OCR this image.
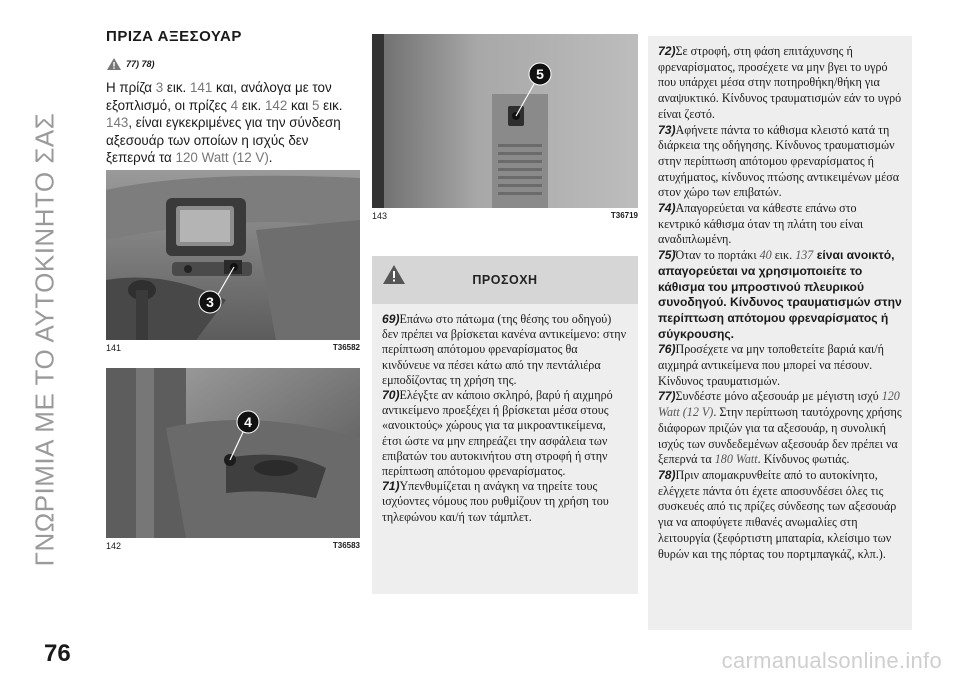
ΓΝΩΡΙΜΙΑ ΜΕ ΤΟ ΑΥΤΟΚΙΝΗΤΟ ΣΑΣ
76	carmanualsonline.info
ΠΡΙΖΑ ΑΞΕΣΟΥΑΡ
77) 78)

Η πρίζα 3 εικ. 141 και, ανάλογα με τον εξοπλισμό, οι πρίζες 4 εικ. 142 και 5 εικ. 143, είναι εγκεκριμένες για την σύνδεση αξεσουάρ των οποίων η ισχύς δεν ξεπερνά τα 120 Watt (12 V).

3
141	T36582
4
142	T36583
5
143	T36719
ΠΡΟΣΟΧΗ

69)Επάνω στο πάτωμα (της θέσης του οδηγού) δεν πρέπει να βρίσκεται κανένα αντικείμενο: στην περίπτωση απότομου φρεναρίσματος θα κινδύνευε να πέσει κάτω από την πεντάλιέρα εμποδίζοντας τη χρήση της.

70)Ελέγξτε αν κάποιο σκληρό, βαρύ ή αιχμηρό αντικείμενο προεξέχει ή βρίσκεται μέσα στους «ανοικτούς» χώρους για τα μικροαντικείμενα, έτσι ώστε να μην επηρεάζει την ασφάλεια των επιβατών του αυτοκινήτου στη στροφή ή στην περίπτωση απότομου φρεναρίσματος.

71)Υπενθυμίζεται η ανάγκη να τηρείτε τους ισχύοντες νόμους που ρυθμίζουν τη χρήση του τηλεφώνου και/ή των τάμπλετ.

72)Σε στροφή, στη φάση επιτάχυνσης ή φρεναρίσματος, προσέχετε να μην βγει το υγρό που υπάρχει μέσα στην ποτηροθήκη/θήκη για αναψυκτικό. Κίνδυνος τραυματισμών εάν το υγρό είναι ζεστό.

73)Αφήνετε πάντα το κάθισμα κλειστό κατά τη διάρκεια της οδήγησης. Κίνδυνος τραυματισμών στην περίπτωση απότομου φρεναρίσματος ή ατυχήματος, κίνδυνος πτώσης αντικειμένων μέσα στον χώρο των επιβατών.

74)Απαγορεύεται να κάθεστε επάνω στο κεντρικό κάθισμα όταν τη πλάτη του είναι αναδιπλωμένη.

75)Όταν το πορτάκι 40 εικ. 137 είναι ανοικτό, απαγορεύεται να χρησιμοποιείτε το κάθισμα του μπροστινού πλευρικού συνοδηγού. Κίνδυνος τραυματισμών στην περίπτωση απότομου φρεναρίσματος ή σύγκρουσης.

76)Προσέχετε να μην τοποθετείτε βαριά και/ή αιχμηρά αντικείμενα που μπορεί να πέσουν. Κίνδυνος τραυματισμών.

77)Συνδέστε μόνο αξεσουάρ με μέγιστη ισχύ 120 Watt (12 V). Στην περίπτωση ταυτόχρονης χρήσης διάφορων πριζών για τα αξεσουάρ, η συνολική ισχύς των συνδεδεμένων αξεσουάρ δεν πρέπει να ξεπερνά τα 180 Watt. Κίνδυνος φωτιάς.

78)Πριν απομακρυνθείτε από το αυτοκίνητο, ελέγχετε πάντα ότι έχετε αποσυνδέσει όλες τις συσκευές από τις πρίζες σύνδεσης των αξεσουάρ για να αποφύγετε πιθανές ανωμαλίες στη λειτουργία (ξεφόρτιστη μπαταρία, κλείσιμο των θυρών και της πόρτας του πορτμπαγκάζ, κλπ.).
